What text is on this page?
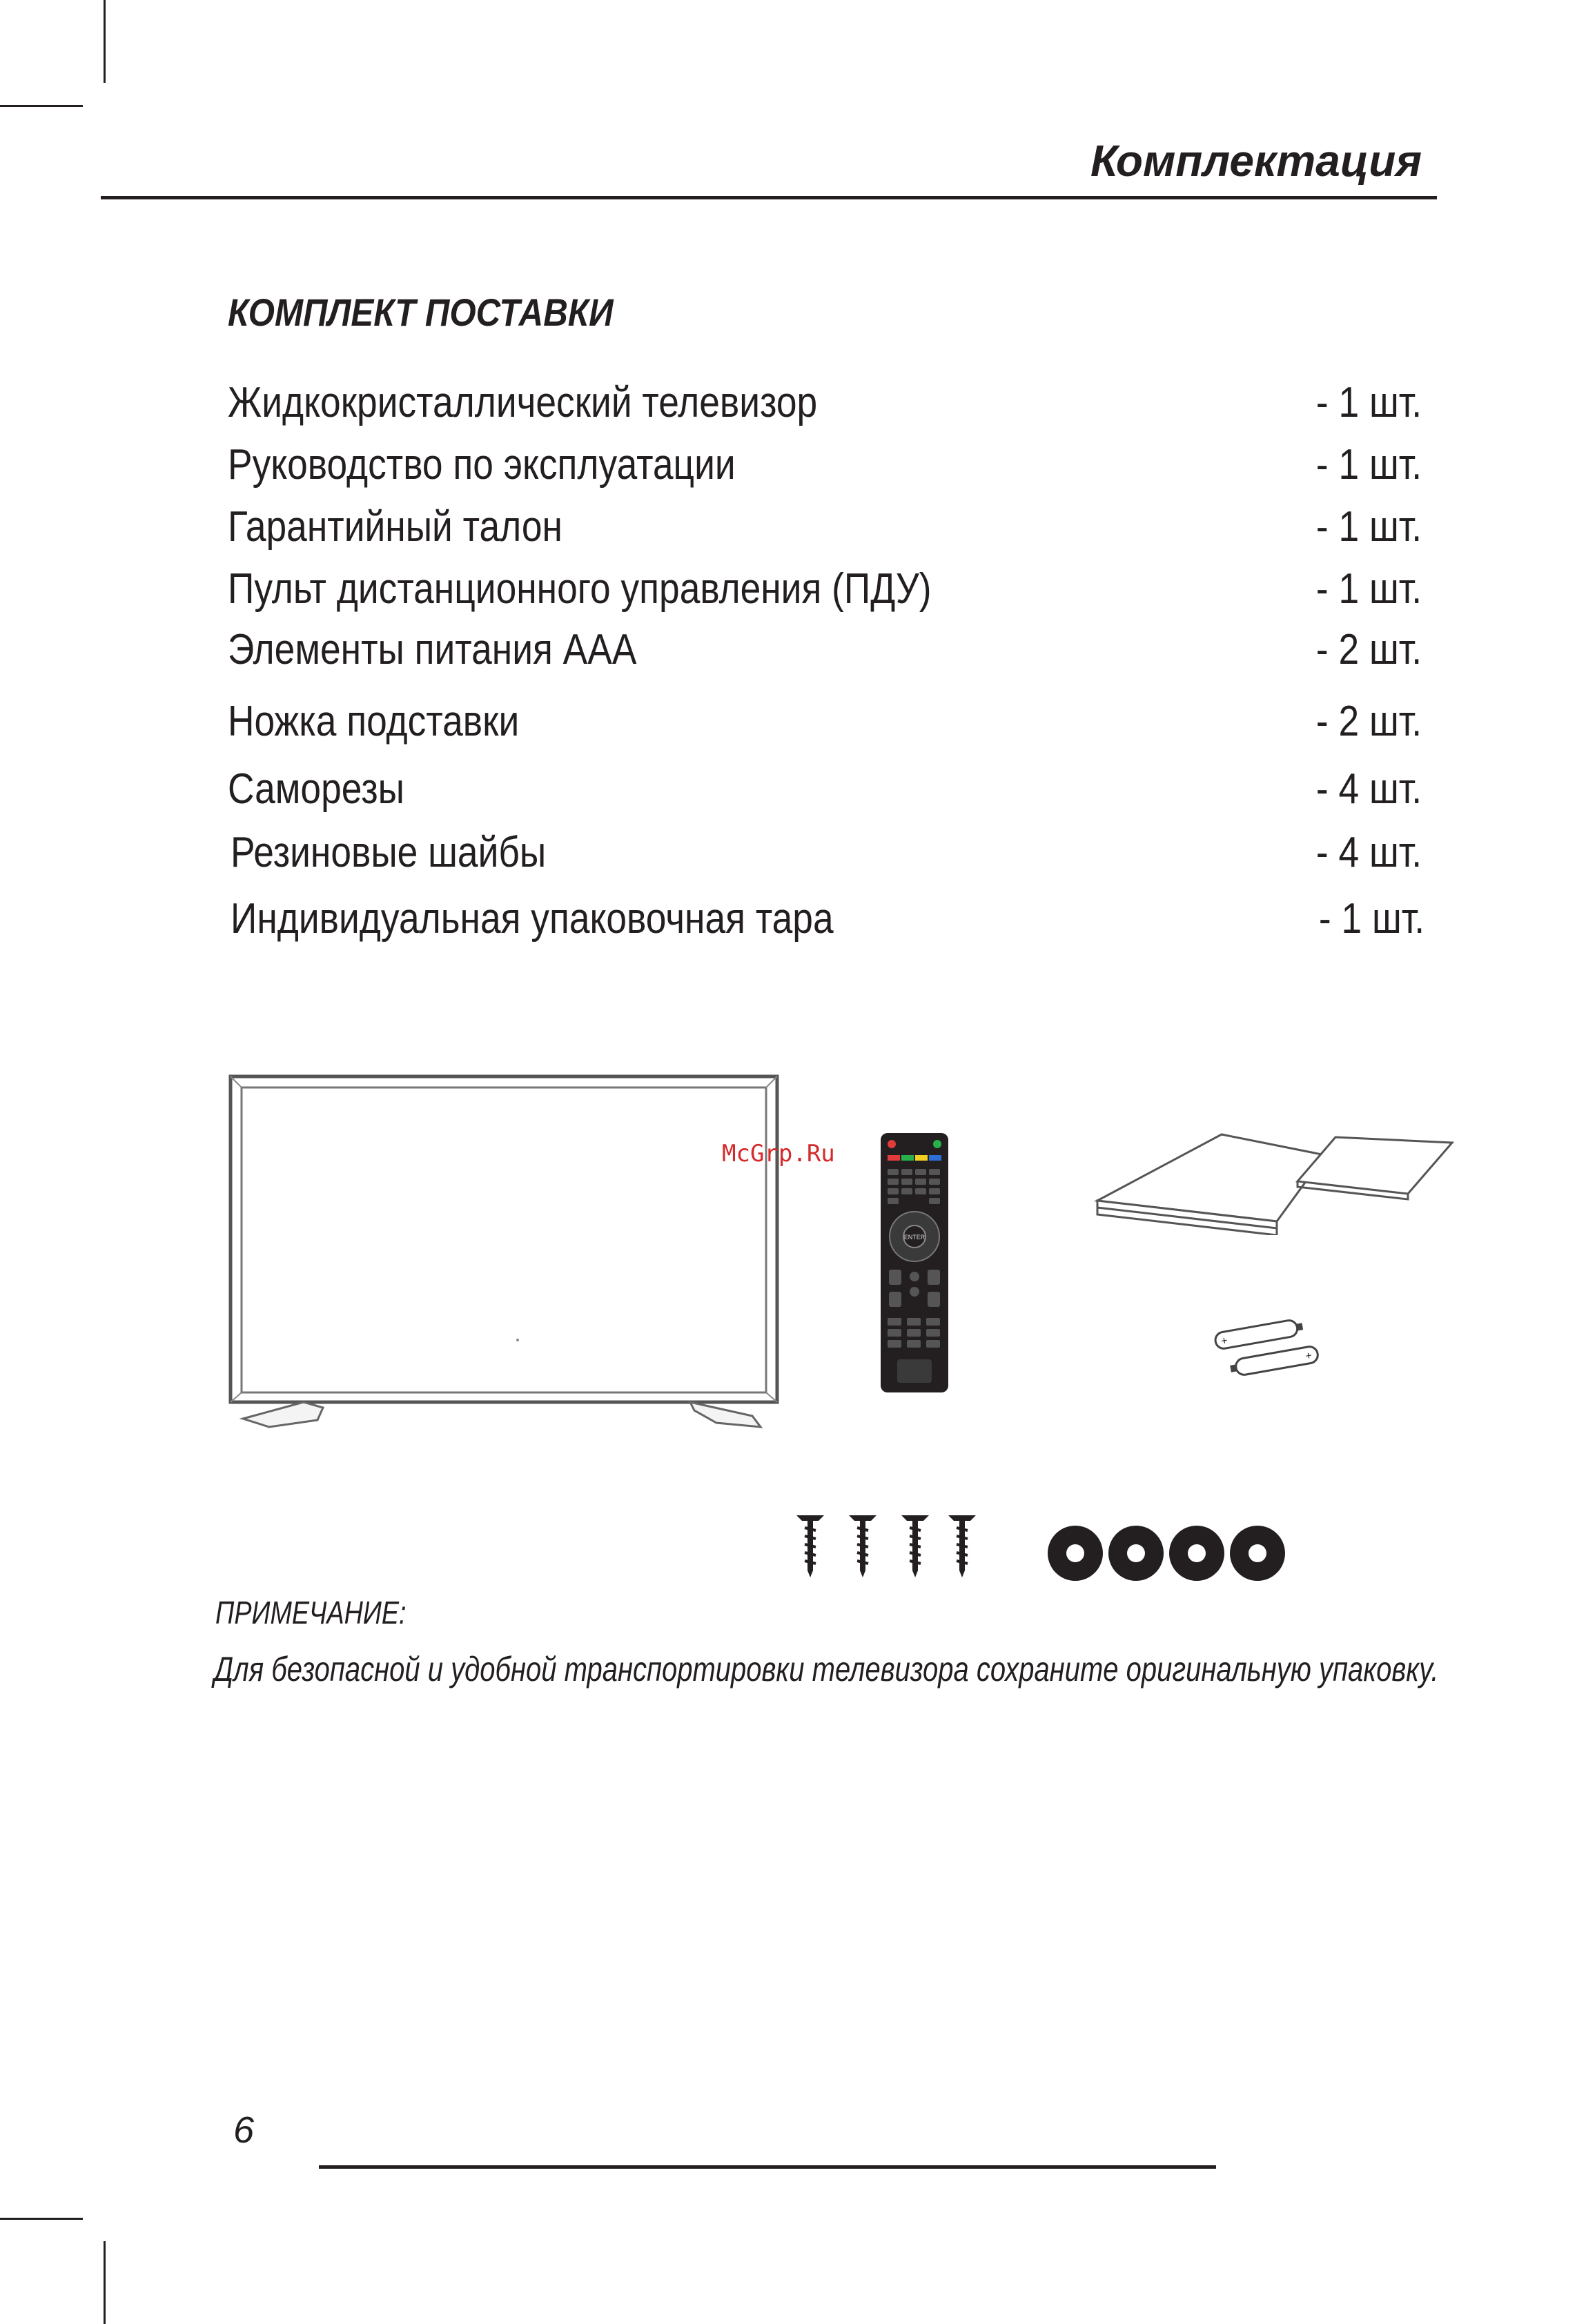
Комплектация
КОМПЛЕКТ ПОСТАВКИ
Жидкокристаллический телевизор	- 1 шт.
Руководство по эксплуатации	- 1 шт.
Гарантийный талон	- 1 шт.
Пульт дистанционного управления (ПДУ)	- 1 шт.
Элементы питания ААА	- 2 шт.
Ножка подставки	- 2 шт.
Саморезы	- 4 шт.
Резиновые шайбы	- 4 шт.
Индивидуальная упаковочная тара	- 1 шт.
ENTER
McGrp.Ru
+
+
ПРИМЕЧАНИЕ:
Для безопасной и удобной транспортировки телевизора сохраните оригинальную упаковку.
6
